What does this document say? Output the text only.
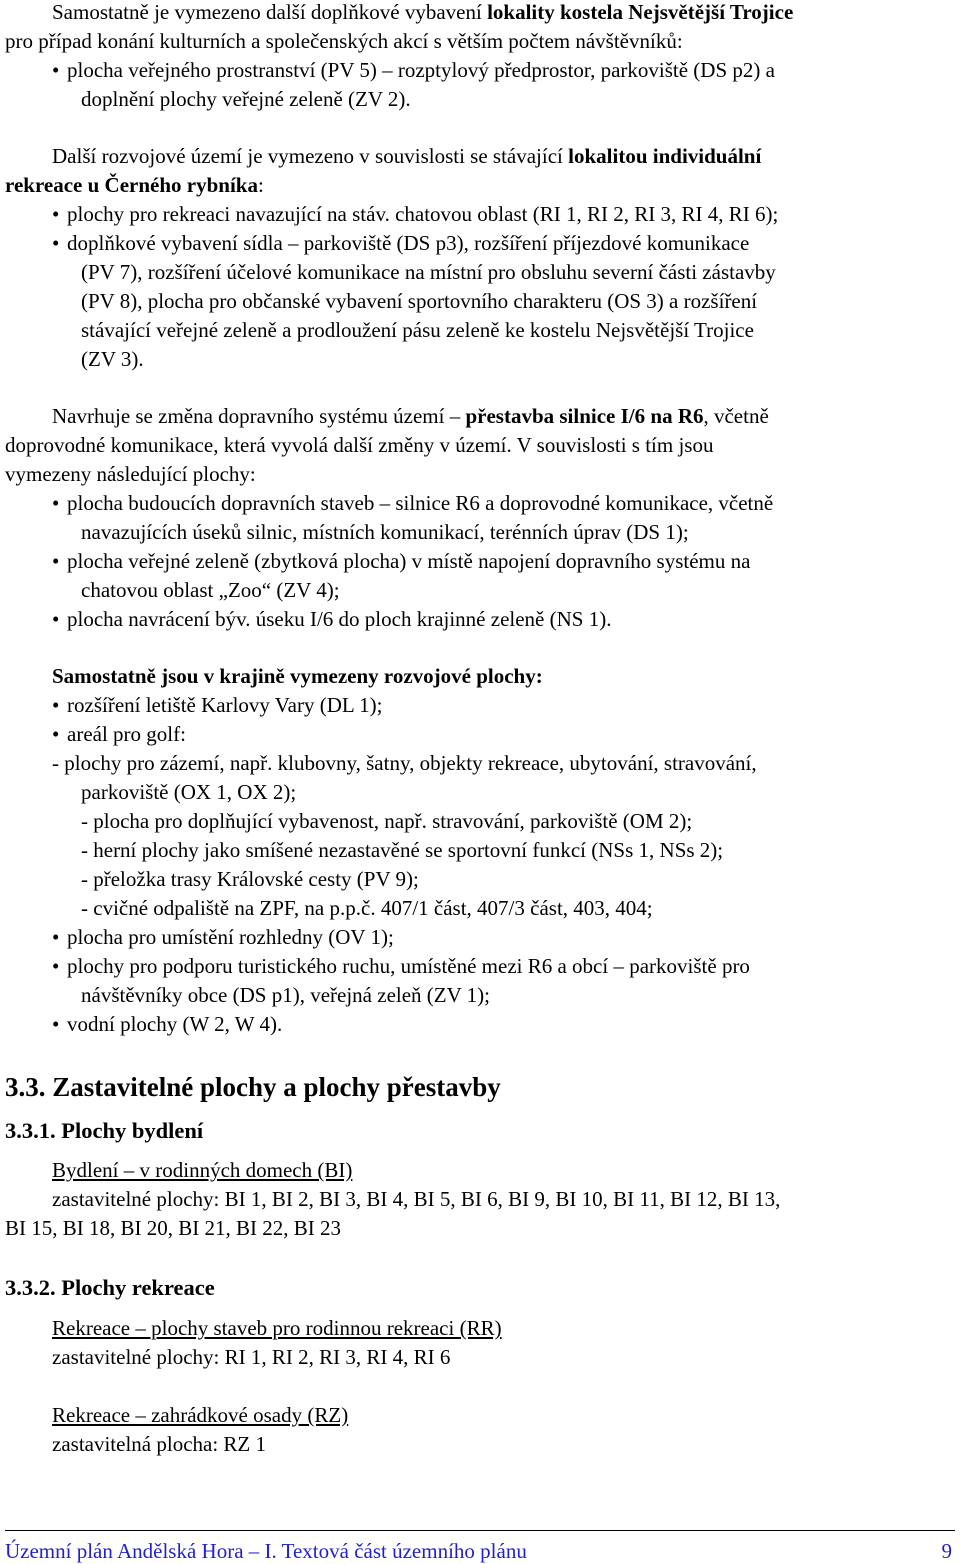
Samostatně je vymezeno další doplňkové vybavení lokality kostela Nejsvětější Trojice
pro případ konání kulturních a společenských akcí s větším počtem návštěvníků:
• plocha veřejného prostranství (PV 5) – rozptylový předprostor, parkoviště (DS p2) a
doplnění plochy veřejné zeleně (ZV 2).
Další rozvojové území je vymezeno v souvislosti se stávající lokalitou individuální
rekreace u Černého rybníka:
• plochy pro rekreaci navazující na stáv. chatovou oblast (RI 1, RI 2, RI 3, RI 4, RI 6);
• doplňkové vybavení sídla – parkoviště (DS p3), rozšíření příjezdové komunikace
(PV 7), rozšíření účelové komunikace na místní pro obsluhu severní části zástavby
(PV 8), plocha pro občanské vybavení sportovního charakteru (OS 3) a rozšíření
stávající veřejné zeleně a prodloužení pásu zeleně ke kostelu Nejsvětější Trojice
(ZV 3).
Navrhuje se změna dopravního systému území – přestavba silnice I/6 na R6, včetně
doprovodné komunikace, která vyvolá další změny v území. V souvislosti s tím jsou
vymezeny následující plochy:
• plocha budoucích dopravních staveb – silnice R6 a doprovodné komunikace, včetně
navazujících úseků silnic, místních komunikací, terénních úprav (DS 1);
• plocha veřejné zeleně (zbytková plocha) v místě napojení dopravního systému na
chatovou oblast „Zoo“ (ZV 4);
• plocha navrácení býv. úseku I/6 do ploch krajinné zeleně (NS 1).
Samostatně jsou v krajině vymezeny rozvojové plochy:
• rozšíření letiště Karlovy Vary (DL 1);
• areál pro golf:
- plochy pro zázemí, např. klubovny, šatny, objekty rekreace, ubytování, stravování,
parkoviště (OX 1, OX 2);
- plocha pro doplňující vybavenost, např. stravování, parkoviště (OM 2);
- herní plochy jako smíšené nezastavěné se sportovní funkcí (NSs 1, NSs 2);
- přeložka trasy Královské cesty (PV 9);
- cvičné odpaliště na ZPF, na p.p.č. 407/1 část, 407/3 část, 403, 404;
• plocha pro umístění rozhledny (OV 1);
• plochy pro podporu turistického ruchu, umístěné mezi R6 a obcí – parkoviště pro
návštěvníky obce (DS p1), veřejná zeleň (ZV 1);
• vodní plochy (W 2, W 4).
3.3. Zastavitelné plochy a plochy přestavby
3.3.1. Plochy bydlení
Bydlení – v rodinných domech (BI)
zastavitelné plochy: BI 1, BI 2, BI 3, BI 4, BI 5, BI 6, BI 9, BI 10, BI 11, BI 12, BI 13,
BI 15, BI 18, BI 20, BI 21, BI 22, BI 23
3.3.2. Plochy rekreace
Rekreace – plochy staveb pro rodinnou rekreaci (RR)
zastavitelné plochy: RI 1, RI 2, RI 3, RI 4, RI 6
Rekreace – zahrádkové osady (RZ)
zastavitelná plocha: RZ 1
Územní plán Andělská Hora – I. Textová část územního plánu	9
